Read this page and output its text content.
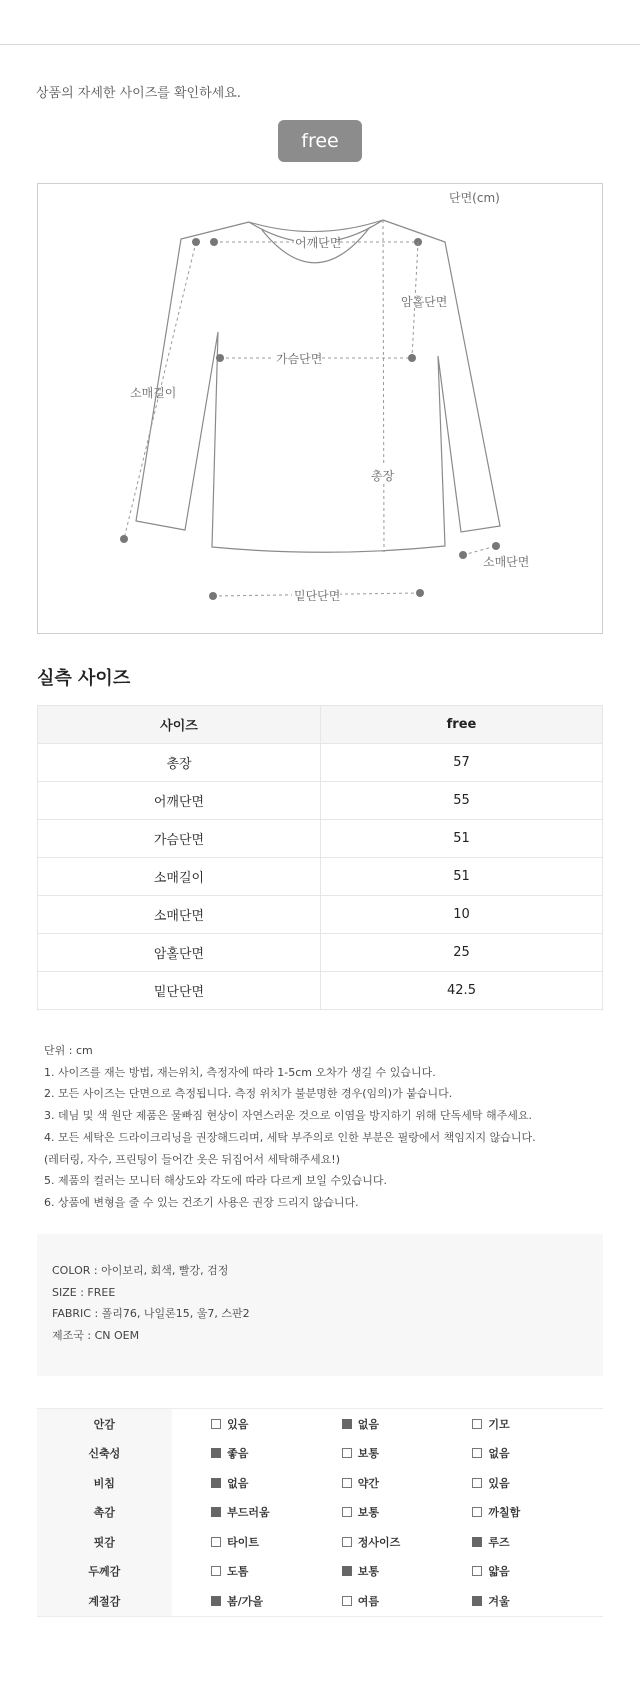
상품의 자세한 사이즈를 확인하세요.
free
단면(cm)
어깨단면
암홀단면
가슴단면
소매길이
총장
소매단면
밑단단면
실측 사이즈
사이즈	free
총장	57
어깨단면	55
가슴단면	51
소매길이	51
소매단면	10
암홀단면	25
밑단단면	42.5
단위 : cm
1. 사이즈를 재는 방법, 재는위치, 측정자에 따라 1-5cm 오차가 생길 수 있습니다.
2. 모든 사이즈는 단면으로 측정됩니다. 측정 위치가 불분명한 경우(임의)가 붙습니다.
3. 데님 및 색 원단 제품은 물빠짐 현상이 자연스러운 것으로 이염을 방지하기 위해 단독세탁 해주세요.
4. 모든 세탁은 드라이크리닝을 권장해드리며, 세탁 부주의로 인한 부분은 필랑에서 책임지지 않습니다.
(레터링, 자수, 프린팅이 들어간 옷은 뒤집어서 세탁해주세요!)
5. 제품의 컬러는 모니터 해상도와 각도에 따라 다르게 보일 수있습니다.
6. 상품에 변형을 줄 수 있는 건조기 사용은 권장 드리지 않습니다.
COLOR : 아이보리, 회색, 빨강, 검정
SIZE : FREE
FABRIC : 폴리76, 나일론15, 울7, 스판2
제조국 : CN OEM
안감		있음	없음	기모
신축성		좋음	보통	없음
비침		없음	약간	있음
촉감		부드러움	보통	까칠함
핏감		타이트	정사이즈	루즈
두께감		도톰	보통	얇음
계절감		봄/가을	여름	겨울
